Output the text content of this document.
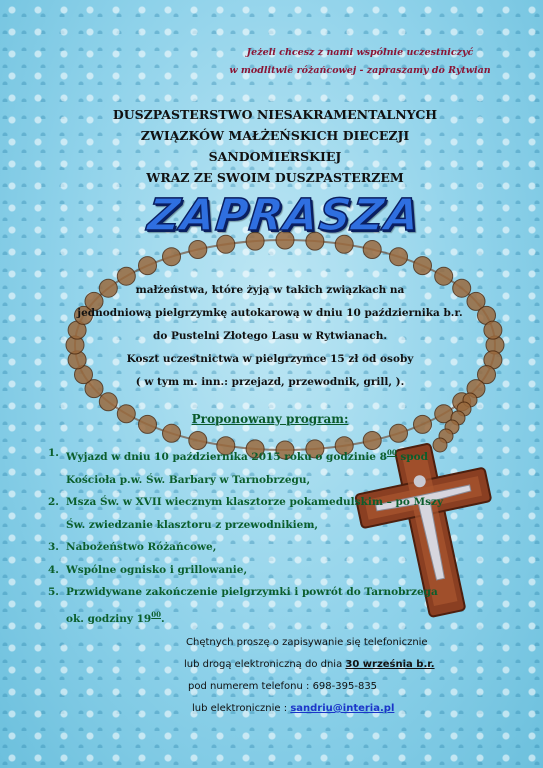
Jeżeli chcesz z nami wspólnie uczestniczyć
w modlitwie różańcowej - zapraszamy do Rytwian
DUSZPASTERSTWO NIESAKRAMENTALNYCH
ZWIĄZKÓW MAŁŻEŃSKICH DIECEZJI
SANDOMIERSKIEJ
WRAZ ZE SWOIM DUSZPASTERZEM
ZAPRASZA
małżeństwa, które żyją w takich związkach na
jednodniową pielgrzymkę autokarową w dniu 10 października b.r.
do Pustelni Złotego Lasu w Rytwianach.
Koszt uczestnictwa w pielgrzymce 15 zł od osoby
( w tym m. inn.: przejazd, przewodnik, grill, ).
Proponowany program:
1. Wyjazd w dniu 10 października 2015 roku o godzinie $8^{00}$ spod
Kościoła p.w. Św. Barbary w Tarnobrzegu,
2. Msza Św. w XVII wiecznym klasztorze pokamedulskim – po Mszy
Św. zwiedzanie klasztoru z przewodnikiem,
3. Nabożeństwo Różańcowe,
4. Wspólne ognisko i grillowanie,
5. Przwidywane zakończenie pielgrzymki i powrót do Tarnobrzega
ok. godziny $19^{00}$.
Chętnych proszę o zapisywanie się telefonicznie
lub drogą elektroniczną do dnia 30 września b.r.
pod numerem telefonu : 698-395-835
lub elektronicznie : sandriu@interia.pl
